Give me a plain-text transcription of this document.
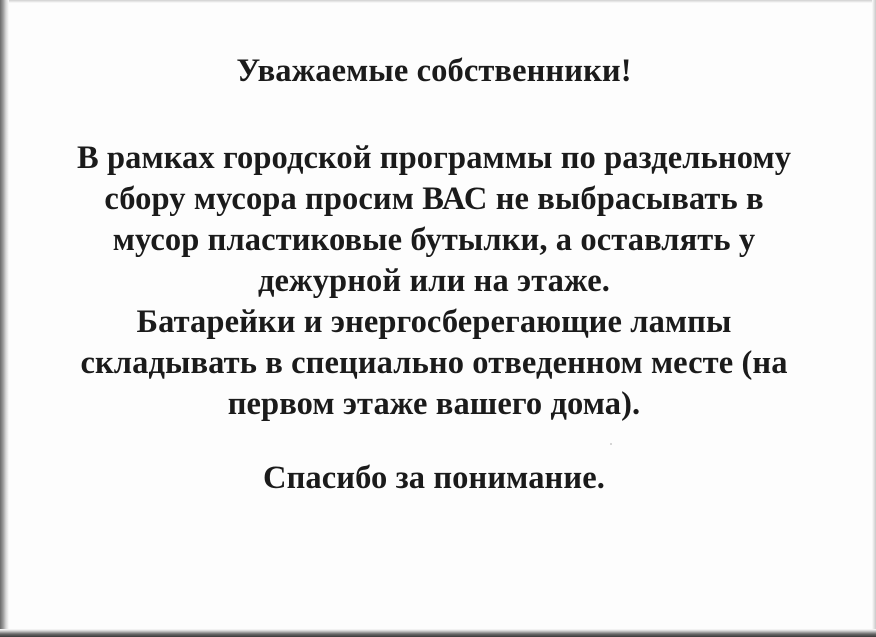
Уважаемые собственники!
В рамках городской программы по раздельному
сбору мусора просим ВАС не выбрасывать в
мусор пластиковые бутылки, а оставлять у
дежурной или на этаже.
Батарейки и энергосберегающие лампы
складывать в специально отведенном месте (на
первом этаже вашего дома).
Спасибо за понимание.
